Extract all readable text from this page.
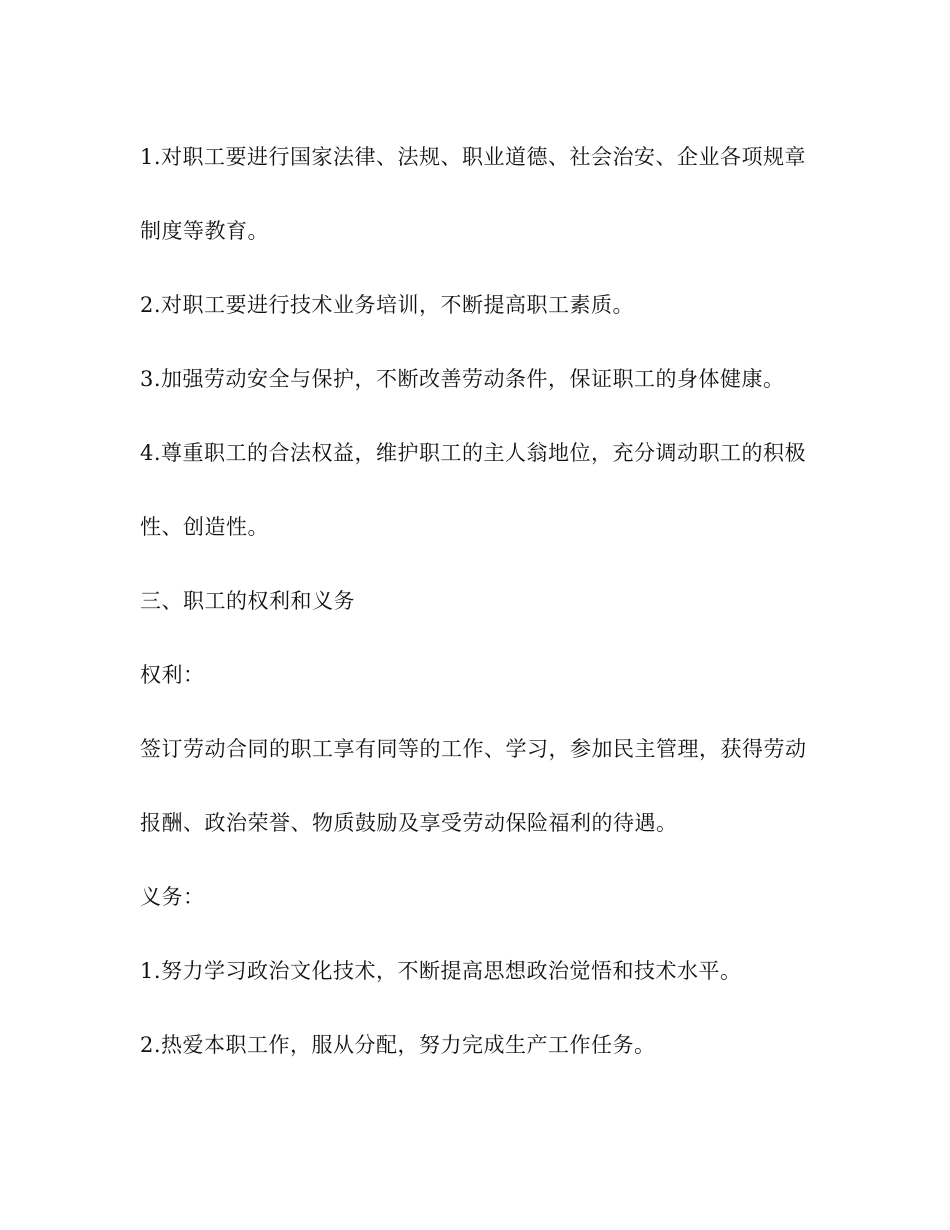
1.对职工要进行国家法律、法规、职业道德、社会治安、企业各项规章
制度等教育。
2.对职工要进行技术业务培训，不断提高职工素质。
3.加强劳动安全与保护，不断改善劳动条件，保证职工的身体健康。
4.尊重职工的合法权益，维护职工的主人翁地位，充分调动职工的积极
性、创造性。
三、职工的权利和义务
权利：
签订劳动合同的职工享有同等的工作、学习，参加民主管理，获得劳动
报酬、政治荣誉、物质鼓励及享受劳动保险福利的待遇。
义务：
1.努力学习政治文化技术，不断提高思想政治觉悟和技术水平。
2.热爱本职工作，服从分配，努力完成生产工作任务。
